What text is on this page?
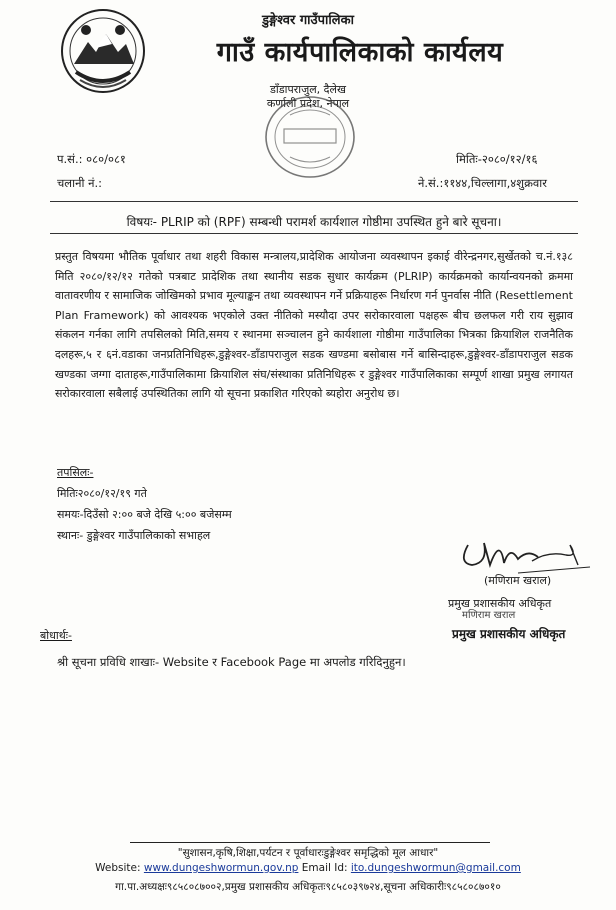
डुङ्गेश्वर गाउँपालिका
गाउँ कार्यपालिकाको कार्यलय
डाँडापराजुल, दैलेख
कर्णाली प्रदेश, नेपाल
प.सं.: ०८०/०८१
चलानी नं.:
मितिः-२०८०/१२/१६
ने.सं.:११४४,चिल्लागा,४शुक्रवार
विषयः- PLRIP को (RPF) सम्बन्धी परामर्श कार्यशाल गोष्ठीमा उपस्थित हुने बारे सूचना।

प्रस्तुत विषयमा भौतिक पूर्वाधार तथा शहरी विकास मन्त्रालय,प्रादेशिक आयोजना व्यवस्थापन इकाई वीरेन्द्रनगर,सुर्खेतको च.नं.१३८ मिति २०८०/१२/१२ गतेको पत्रबाट प्रादेशिक तथा स्थानीय सडक सुधार कार्यक्रम (PLRIP) कार्यक्रमको कार्यान्वयनको क्रममा वातावरणीय र सामाजिक जोखिमको प्रभाव मूल्याङ्कन तथा व्यवस्थापन गर्ने प्रक्रियाहरू निर्धारण गर्न पुनर्वास नीति (Resettlement Plan Framework) को आवश्यक भएकोले उक्त नीतिको मस्यौदा उपर सरोकारवाला पक्षहरू बीच छलफल गरी राय सुझाव संकलन गर्नका लागि तपसिलको मिति,समय र स्थानमा सञ्चालन हुने कार्यशाला गोष्ठीमा गाउँपालिका भित्रका क्रियाशिल राजनैतिक दलहरू,५ र ६नं.वडाका जनप्रतिनिधिहरू,डुङ्गेश्वर-डाँडापराजुल सडक खण्डमा बसोबास गर्ने बासिन्दाहरू,डुङ्गेश्वर-डाँडापराजुल सडक खण्डका जग्गा दाताहरू,गाउँपालिकामा क्रियाशिल संघ/संस्थाका प्रतिनिधिहरू र डुङ्गेश्वर गाउँपालिकाका सम्पूर्ण शाखा प्रमुख लगायत सरोकारवाला सबैलाई उपस्थितिका लागि यो सूचना प्रकाशित गरिएको ब्यहोरा अनुरोध छ।

तपसिलः-
मितिः२०८०/१२/१९ गते
समयः-दिउँसो २:०० बजे देखि ५:०० बजेसम्म
स्थानः- डुङ्गेश्वर गाउँपालिकाको सभाहल
(मणिराम खराल)
प्रमुख प्रशासकीय अधिकृत
मणिराम खराल
प्रमुख प्रशासकीय अधिकृत
बोधार्थः-
श्री सूचना प्रविधि शाखाः- Website र Facebook Page मा अपलोड गरिदिनुहुन।
"सुशासन,कृषि,शिक्षा,पर्यटन र पूर्वाधारःडुङ्गेश्वर समृद्धिको मूल आधार"
Website: www.dungeshwormun.gov.np Email Id: ito.dungeshwormun@gmail.com
गा.पा.अध्यक्षः९८५८०८७००२,प्रमुख प्रशासकीय अधिकृतः९८५८०३९७२४,सूचना अधिकारीः९८५८०८७०१०
